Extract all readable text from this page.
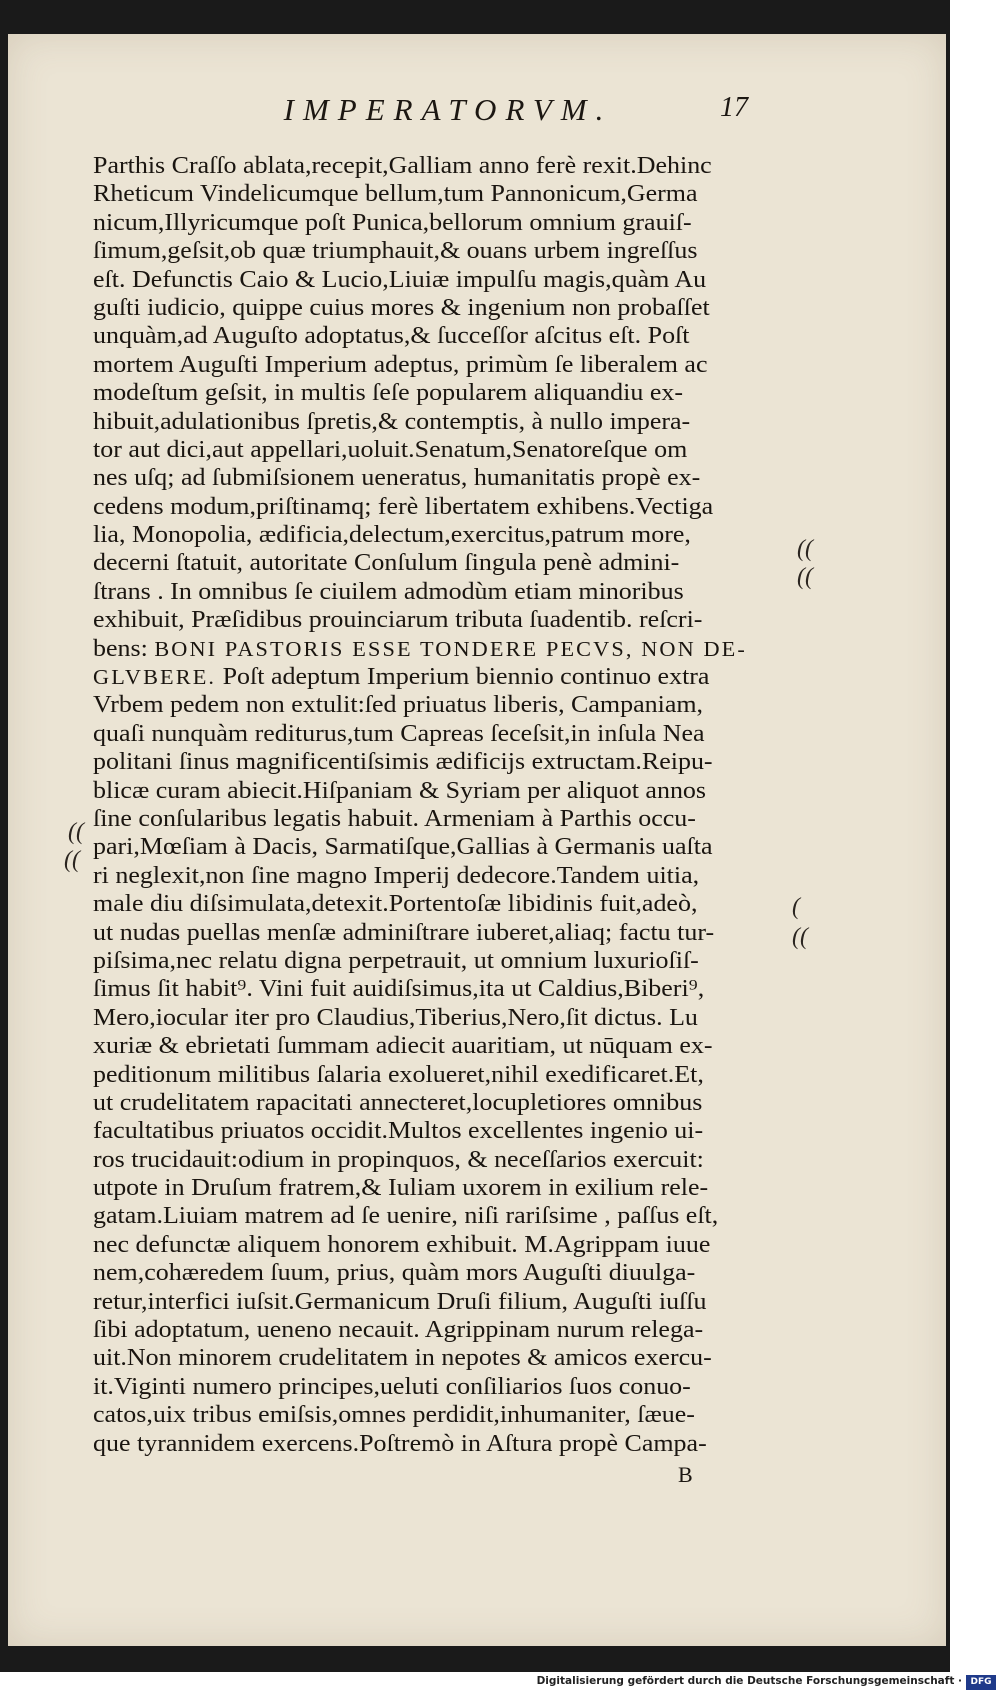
IMPERATORVM.	17
Parthis Craſſo ablata,recepit,Galliam anno ferè rexit.Dehinc
Rheticum Vindelicumque bellum,tum Pannonicum,Germa
nicum,Illyricumque poſt Punica,bellorum omnium grauiſ-
ſimum,geſsit,ob quæ triumphauit,& ouans urbem ingreſſus
eſt. Defunctis Caio & Lucio,Liuiæ impulſu magis,quàm Au
guſti iudicio, quippe cuius mores & ingenium non probaſſet
unquàm,ad Auguſto adoptatus,& ſucceſſor aſcitus eſt. Poſt
mortem Auguſti Imperium adeptus, primùm ſe liberalem ac
modeſtum geſsit, in multis ſeſe popularem aliquandiu ex-
hibuit,adulationibus ſpretis,& contemptis, à nullo impera-
tor aut dici,aut appellari,uoluit.Senatum,Senatoreſque om
nes uſq; ad ſubmiſsionem ueneratus, humanitatis propè ex-
cedens modum,priſtinamq; ferè libertatem exhibens.Vectiga
lia, Monopolia, ædificia,delectum,exercitus,patrum more,
decerni ſtatuit, autoritate Conſulum ſingula penè admini-
ſtrans . In omnibus ſe ciuilem admodùm etiam minoribus
exhibuit, Præſidibus prouinciarum tributa ſuadentib. reſcri-
bens: BONI PASTORIS ESSE TONDERE PECVS, NON DE-
GLVBERE. Poſt adeptum Imperium biennio continuo extra
Vrbem pedem non extulit:ſed priuatus liberis, Campaniam,
quaſi nunquàm rediturus,tum Capreas ſeceſsit,in inſula Nea
politani ſinus magnificentiſsimis ædificijs extructam.Reipu-
blicæ curam abiecit.Hiſpaniam & Syriam per aliquot annos
ſine conſularibus legatis habuit. Armeniam à Parthis occu-
pari,Mœſiam à Dacis, Sarmatiſque,Gallias à Germanis uaſta
ri neglexit,non ſine magno Imperij dedecore.Tandem uitia,
male diu diſsimulata,detexit.Portentoſæ libidinis fuit,adeò,
ut nudas puellas menſæ adminiſtrare iuberet,aliaq; factu tur-
piſsima,nec relatu digna perpetrauit, ut omnium luxurioſiſ-
ſimus ſit habit⁹. Vini fuit auidiſsimus,ita ut Caldius,Biberi⁹,
Mero,iocular iter pro Claudius,Tiberius,Nero,ſit dictus. Lu
xuriæ & ebrietati ſummam adiecit auaritiam, ut nūquam ex-
peditionum militibus ſalaria exolueret,nihil exedificaret.Et,
ut crudelitatem rapacitati annecteret,locupletiores omnibus
facultatibus priuatos occidit.Multos excellentes ingenio ui-
ros trucidauit:odium in propinquos, & neceſſarios exercuit:
utpote in Druſum fratrem,& Iuliam uxorem in exilium rele-
gatam.Liuiam matrem ad ſe uenire, niſi rariſsime , paſſus eſt,
nec defunctæ aliquem honorem exhibuit. M.Agrippam iuue
nem,cohæredem ſuum, prius, quàm mors Auguſti diuulga-
retur,interfici iuſsit.Germanicum Druſi filium, Auguſti iuſſu
ſibi adoptatum, ueneno necauit. Agrippinam nurum relega-
uit.Non minorem crudelitatem in nepotes & amicos exercu-
it.Viginti numero principes,ueluti conſiliarios ſuos conuo-
catos,uix tribus emiſsis,omnes perdidit,inhumaniter, ſæue-
que tyrannidem exercens.Poſtremò in Aſtura propè Campa-
((
((
((
((
(
((
B
Digitalisierung gefördert durch die Deutsche Forschungsgemeinschaft · DFG
